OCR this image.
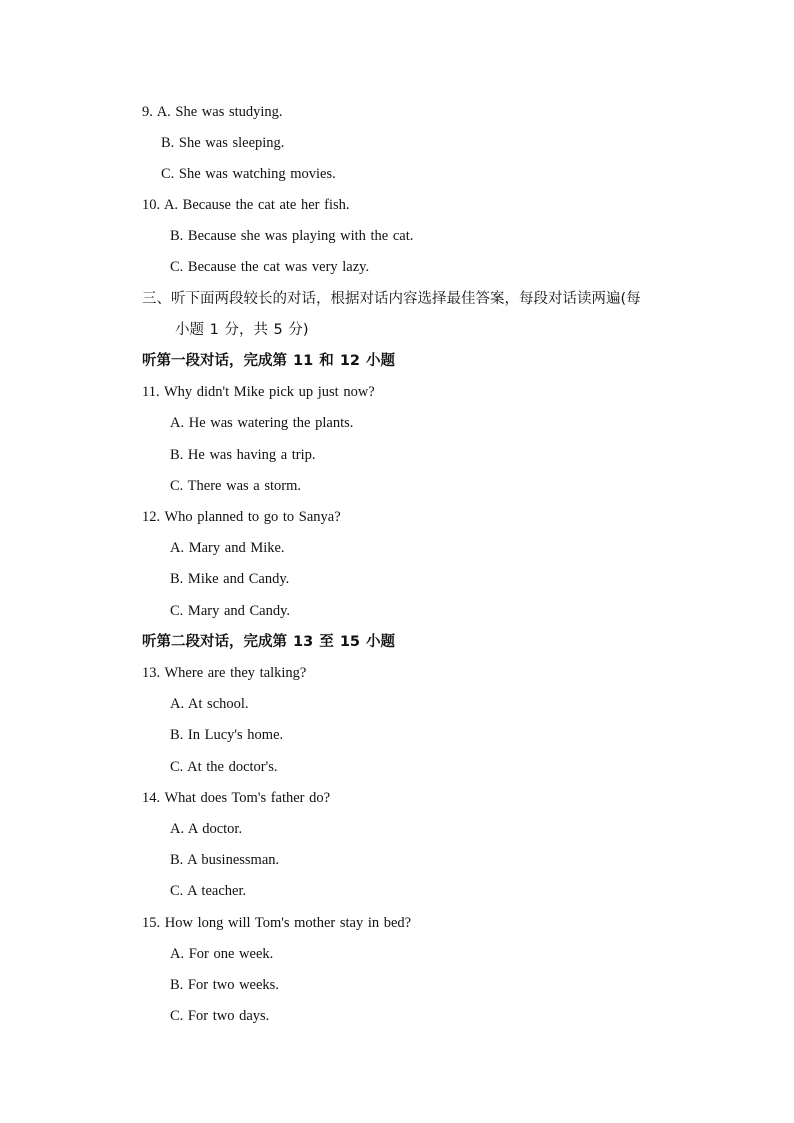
9. A. She was studying.
B. She was sleeping.
C. She was watching movies.
10. A. Because the cat ate her fish.
B. Because she was playing with the cat.
C. Because the cat was very lazy.
三、听下面两段较长的对话，根据对话内容选择最佳答案，每段对话读两遍(每
小题 1 分，共 5 分)
听第一段对话，完成第 11 和 12 小题
11. Why didn't Mike pick up just now?
A. He was watering the plants.
B. He was having a trip.
C. There was a storm.
12. Who planned to go to Sanya?
A. Mary and Mike.
B. Mike and Candy.
C. Mary and Candy.
听第二段对话，完成第 13 至 15 小题
13. Where are they talking?
A. At school.
B. In Lucy's home.
C. At the doctor's.
14. What does Tom's father do?
A. A doctor.
B. A businessman.
C. A teacher.
15. How long will Tom's mother stay in bed?
A. For one week.
B. For two weeks.
C. For two days.
